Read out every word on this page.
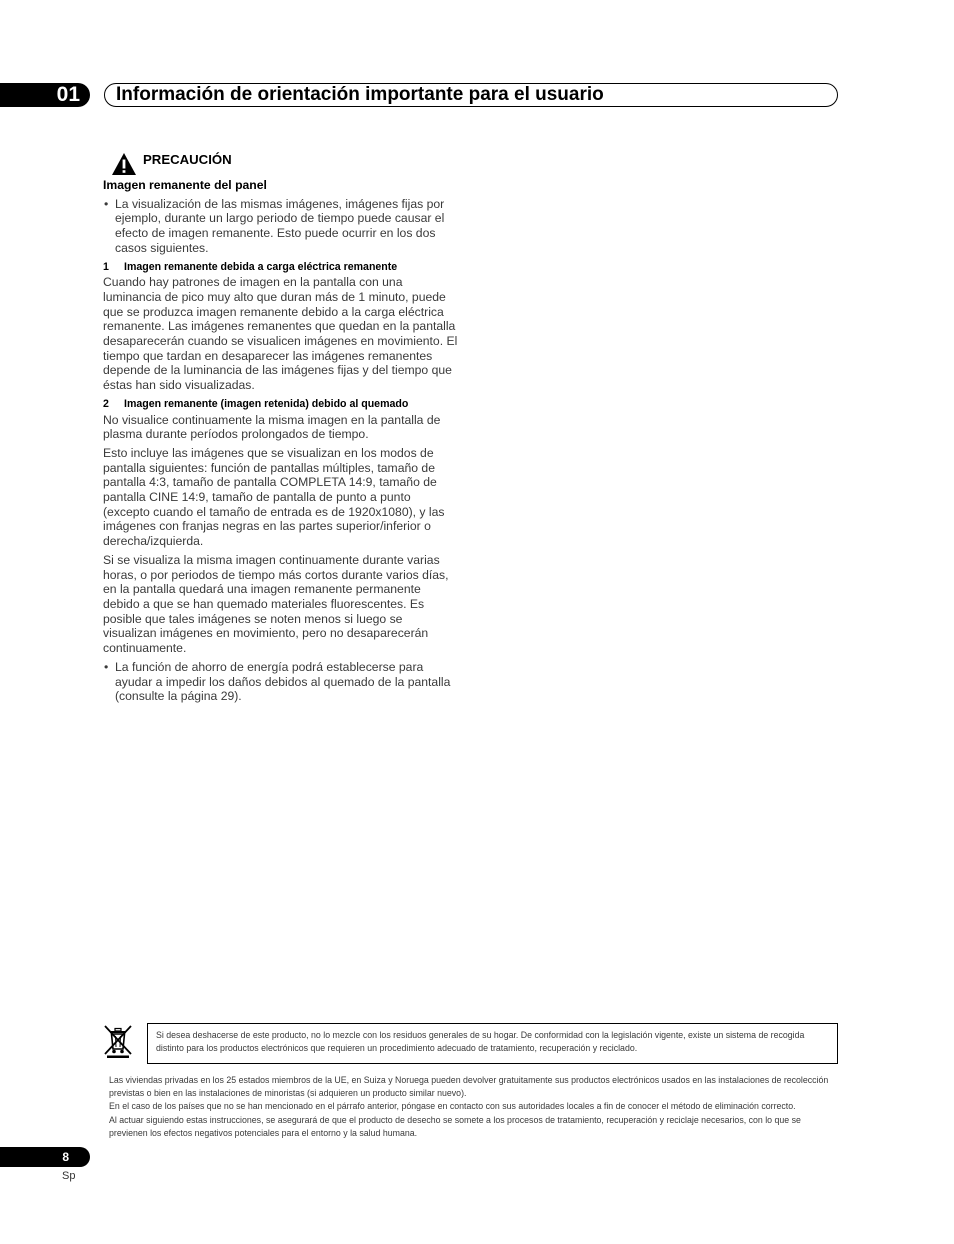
01	Información de orientación importante para el usuario
PRECAUCIÓN
Imagen remanente del panel
• La visualización de las mismas imágenes, imágenes fijas por ejemplo, durante un largo periodo de tiempo puede causar el efecto de imagen remanente. Esto puede ocurrir en los dos casos siguientes.
1 Imagen remanente debida a carga eléctrica remanente

Cuando hay patrones de imagen en la pantalla con una luminancia de pico muy alto que duran más de 1 minuto, puede que se produzca imagen remanente debido a la carga eléctrica remanente. Las imágenes remanentes que quedan en la pantalla desaparecerán cuando se visualicen imágenes en movimiento. El tiempo que tardan en desaparecer las imágenes remanentes depende de la luminancia de las imágenes fijas y del tiempo que éstas han sido visualizadas.

2 Imagen remanente (imagen retenida) debido al quemado

No visualice continuamente la misma imagen en la pantalla de plasma durante períodos prolongados de tiempo.

Esto incluye las imágenes que se visualizan en los modos de pantalla siguientes: función de pantallas múltiples, tamaño de pantalla 4:3, tamaño de pantalla COMPLETA 14:9, tamaño de pantalla CINE 14:9, tamaño de pantalla de punto a punto (excepto cuando el tamaño de entrada es de 1920x1080), y las imágenes con franjas negras en las partes superior/inferior o derecha/izquierda.

Si se visualiza la misma imagen continuamente durante varias horas, o por periodos de tiempo más cortos durante varios días, en la pantalla quedará una imagen remanente permanente debido a que se han quemado materiales fluorescentes. Es posible que tales imágenes se noten menos si luego se visualizan imágenes en movimiento, pero no desaparecerán continuamente.

• La función de ahorro de energía podrá establecerse para ayudar a impedir los daños debidos al quemado de la pantalla (consulte la página 29).
Si desea deshacerse de este producto, no lo mezcle con los residuos generales de su hogar. De conformidad con la legislación vigente, existe un sistema de recogida distinto para los productos electrónicos que requieren un procedimiento adecuado de tratamiento, recuperación y reciclado.

Las viviendas privadas en los 25 estados miembros de la UE, en Suiza y Noruega pueden devolver gratuitamente sus productos electrónicos usados en las instalaciones de recolección previstas o bien en las instalaciones de minoristas (si adquieren un producto similar nuevo).

En el caso de los países que no se han mencionado en el párrafo anterior, póngase en contacto con sus autoridades locales a fin de conocer el método de eliminación correcto.

Al actuar siguiendo estas instrucciones, se asegurará de que el producto de desecho se somete a los procesos de tratamiento, recuperación y reciclaje necesarios, con lo que se previenen los efectos negativos potenciales para el entorno y la salud humana.

8
Sp
